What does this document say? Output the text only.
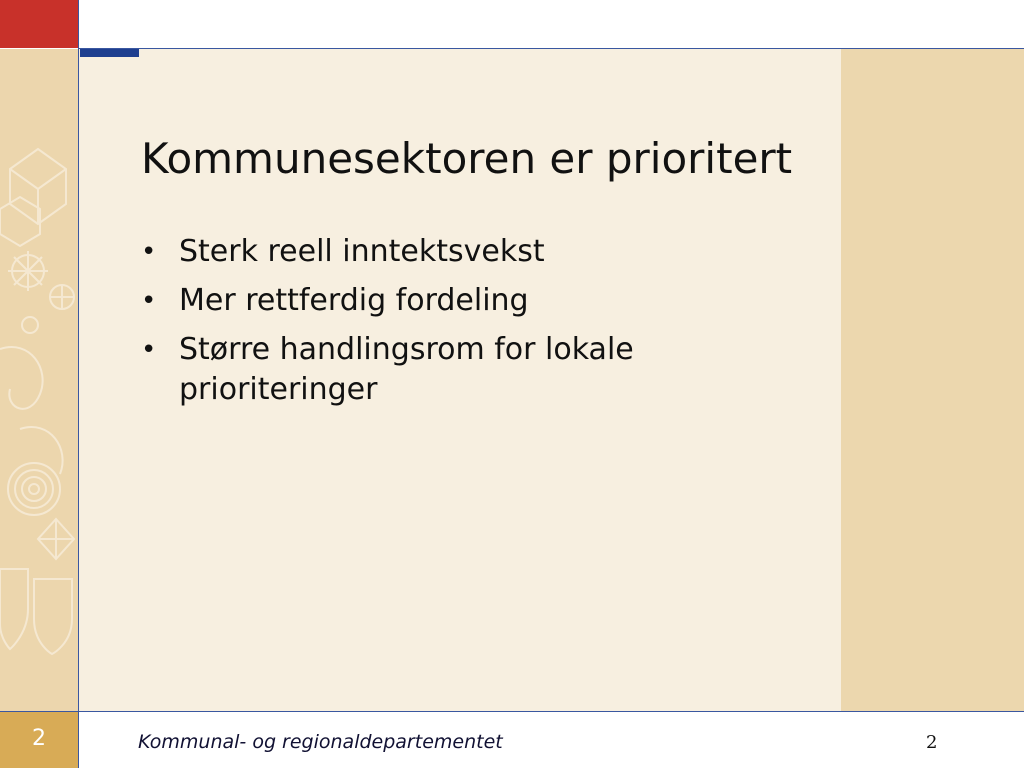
Kommunesektoren er prioritert
• Sterk reell inntektsvekst
• Mer rettferdig fordeling
• Større handlingsrom for lokale prioriteringer
2	Kommunal- og regionaldepartementet	2
